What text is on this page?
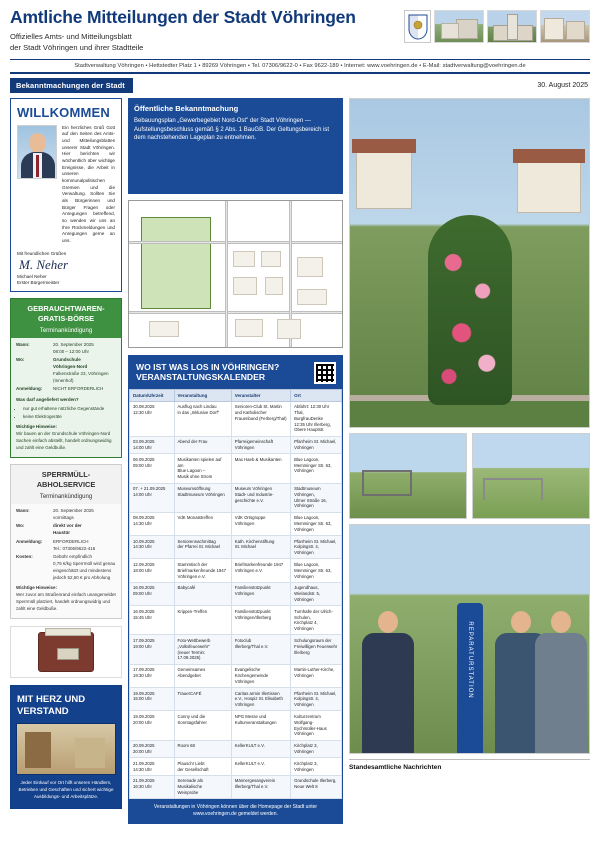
Amtliche Mitteilungen der Stadt Vöhringen
Offizielles Amts- und Mitteilungsblatt
der Stadt Vöhringen und ihrer Stadtteile
Stadtverwaltung Vöhringen • Hettstedter Platz 1 • 89269 Vöhringen • Tel. 07306/9622-0 • Fax 9622-189 • Internet: www.voehringen.de • E-Mail: stadtverwaltung@voehringen.de
Bekanntmachungen der Stadt	30. August 2025
WILLKOMMEN
Ein herzliches Grüß Gott auf den Seiten des Amts- und Mitteilungsblattes unserer Stadt Vöhringen. Hier berichten wir wöchentlich über wichtige Ereignisse, die Arbeit in unseren kommunalpolitischen Gremien und die Verwaltung. Sollten Sie als Bürgerinnen und Bürger Fragen oder Anregungen betreffend, so wenden wir uns an Ihre Rückmeldungen und Anregungen gerne an uns.
Mit freundlichen Grüßen
M. Neher
Michael Neher
Erster Bürgermeister
GEBRAUCHTWAREN-
GRATIS-BÖRSE
Terminankündigung
Wann:	20. September 2025
08:00 – 12:00 Uhr
Wo:	Grundschule
Vöhringen-Nord
Falkenstraße 23, Vöhringen (Innenhof)
Anmeldung:	NICHT ERFORDERLICH
Was darf angeliefert werden?
• nur gut erhaltene nützliche Gegenstände
• keine Elektrogeräte
Wichtige Hinweise:
Wir bauen an der Grundschule Vöhringen-Nord Sachen einfach abstellt, handelt ordnungswidrig und zahlt eine Geldbuße.
SPERRMÜLL-
ABHOLSERVICE
Terminankündigung
Wann:	20. September 2025
vormittags
Wo:	direkt vor der
Haustür
Anmeldung:	ERFORDERLICH
Tel.: 07306/9622-416
Kosten:	Gebühr empfindlich
0,75 €/kg Sperrmüll wird genau eingeschätzt und mindestens jedoch 52,50 € pro Abholung
Wichtige Hinweise:
Wer zuvor am Straßenrand einfach unangemeldet Sperrmüll platziert, handelt ordnungswidrig und zahlt eine Geldbuße.
MIT HERZ UND
VERSTAND
Jeder Einkauf vor Ort hilft unseren Händlern, Betrieben und Geschäften und sichert wichtige Ausbildungs- und Arbeitsplätze.
Öffentliche Bekanntmachung
Bebauungsplan „Gewerbegebiet Nord-Ost" der Stadt Vöhringen — Aufstellungsbeschluss gemäß § 2 Abs. 1 BauGB. Der Geltungsbereich ist dem nachstehenden Lageplan zu entnehmen.
WO IST WAS LOS IN VÖHRINGEN?
VERANSTALTUNGSKALENDER
Datum/Uhrzeit	Veranstaltung	Veranstalter	Ort
30.08.2025
12:30 Uhr	Ausflug nach Lindau
in das „Inklusive Dorf"	Senioren-Club St. Martin
und Katholischer
Frauenbund (Ferberg/Thal)	Abfahrt: 12:30 Uhr Thal,
BurgfrauDenke
12:35 Uhr Illerberg,
Obere Hauptstr.
03.09.2025
14:00 Uhr	Abend der Frau	Pfarreigemeinschaft
Vöhringen	Pfarrheim St. Michael,
Vöhringen
06.09.2025
09:00 Uhr	Musikanten spielen auf am
Blue Lagoon –
Musik ohne Strom	Max Haeb & Musikanten	Blue Lagoon,
Memminger Str. 63,
Vöhringen
07. + 21.09.2025
14:00 Uhr	Museumsöffnung
Stadtmuseum Vöhringen	Museum Vöhringen
Stadt- und Industrie-
geschichte e.V.	Stadtmuseum Vöhringen,
Ulmer Straße 16,
Vöhringen
08.09.2025
14:30 Uhr	VdK Monatstreffen	VdK Ortsgruppe
Vöhringen	Blue Lagoon,
Memminger Str. 63,
Vöhringen
10.09.2025
14:30 Uhr	Seniorennachmittag
der Pfarrei St. Michael	Kath. Kirchenstiftung
St. Michael	Pfarrheim St. Michael,
Kolpingstr. 4, Vöhringen
12.09.2025
18:00 Uhr	Stammtisch der
Briefmarkenfreunde 1947
Vöhringen e.V.	Briefmarkenfreunde 1947
Vöhringen e.V.	Blue Lagoon,
Memminger Str. 63,
Vöhringen
16.09.2025
09:00 Uhr	Babycafé	Familienstützpunkt
Vöhringen	Jugendhaus,
Wielandstr. 5, Vöhringen
16.09.2025
15:45 Uhr	Krippen-Treffen	Familienstützpunkt
Vöhringen/Illerberg	Turnhalle der Ulrich-
Schulen,
Kirchplatz 4,
Vöhringen
17.09.2025
19:00 Uhr	Foto-Wettbewerb
„Volksfeuerwehr"
(neuer Termin: 17.09.2025)	Fotoclub
Illerberg/Thal e.V.	Schulungsraum der
Freiwilligen Feuerwehr
Illerberg
17.09.2025
19:30 Uhr	Gemeinsames Abendgebet	Evangelische
Kirchengemeinde
Vöhringen	Martin-Luther-Kirche,
Vöhringen
19.09.2025
15:00 Uhr	TrauerCAFÉ	Caritas armin Illertissen
e.V., Hospiz St. Elisabeth
Vöhringen	Pfarrheim St. Michael,
Kolpingstr. 4,
Vöhringen
19.09.2025
20:00 Uhr	Conny und die
Sonntagsfahrer	NPG Messe und
Kulturveranstaltungen	Kulturzentrum Wolfgang-
Eychmüller-Haus Vöhringen
20.09.2025
20:00 Uhr	Room 68	KellerKULT e.V.	Kirchplatz 3,
Vöhringen
21.09.2025
14:30 Uhr	Plausch! Liebt
der Gesellschaft	KellerKULT e.V.	Kirchplatz 3,
Vöhringen
21.09.2025
16:30 Uhr	Serenade als Musikalische
Weinprobe	Männergesangverein
Illerberg/Thal e.V.	Grundschule Illerberg,
Neue Welt 8
Veranstaltungen in Vöhringen können über die Homepage der Stadt unter www.voehringen.de gemeldet werden.
REPARATURSTATION
Standesamtliche Nachrichten
